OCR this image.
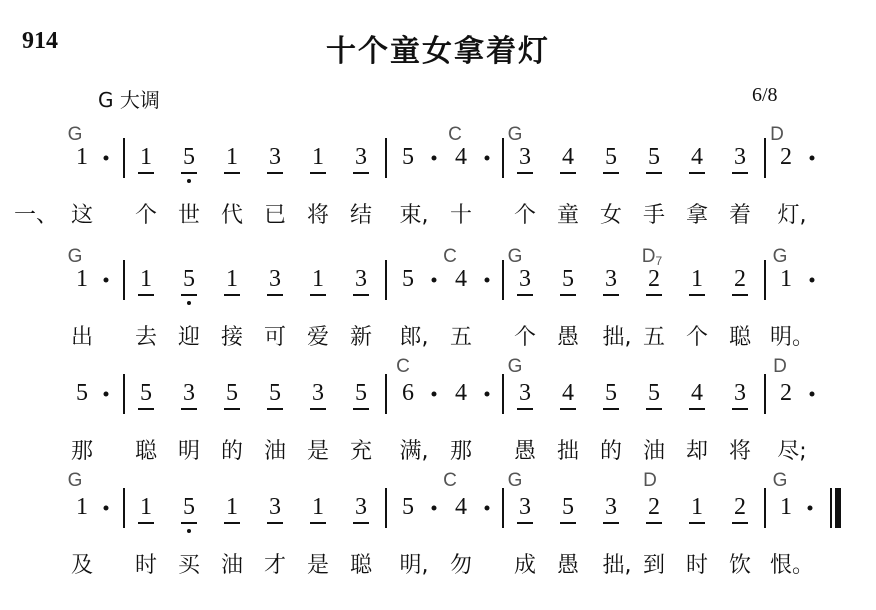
914	十个童女拿着灯
G 大调	6/8
一、
G	C G	D
1	1	5	1	3	1	3	5	4	3	4	5	5	4	3	2
这 个 世 代 已 将 结 束, 十 个 童 女 手 拿 着 灯,
G	C	G	$D_7$	G
1	1	5	1	3	1	3	5	4	3	5	3	2	1	2	1
出 去 迎 接 可 爱 新 郎, 五 个 愚 拙, 五 个 聪 明。
C	G	D
5	5	3	5	5	3	5	6	4	3	4	5	5	4	3	2
那 聪 明 的 油 是 充 满, 那 愚 拙 的 油 却 将 尽;
G	C	G	D	G
1	1	5	1	3	1	3	5	4	3	5	3	2	1	2	1
及 时 买 油 才 是 聪 明, 勿 成 愚 拙, 到 时 饮 恨。
